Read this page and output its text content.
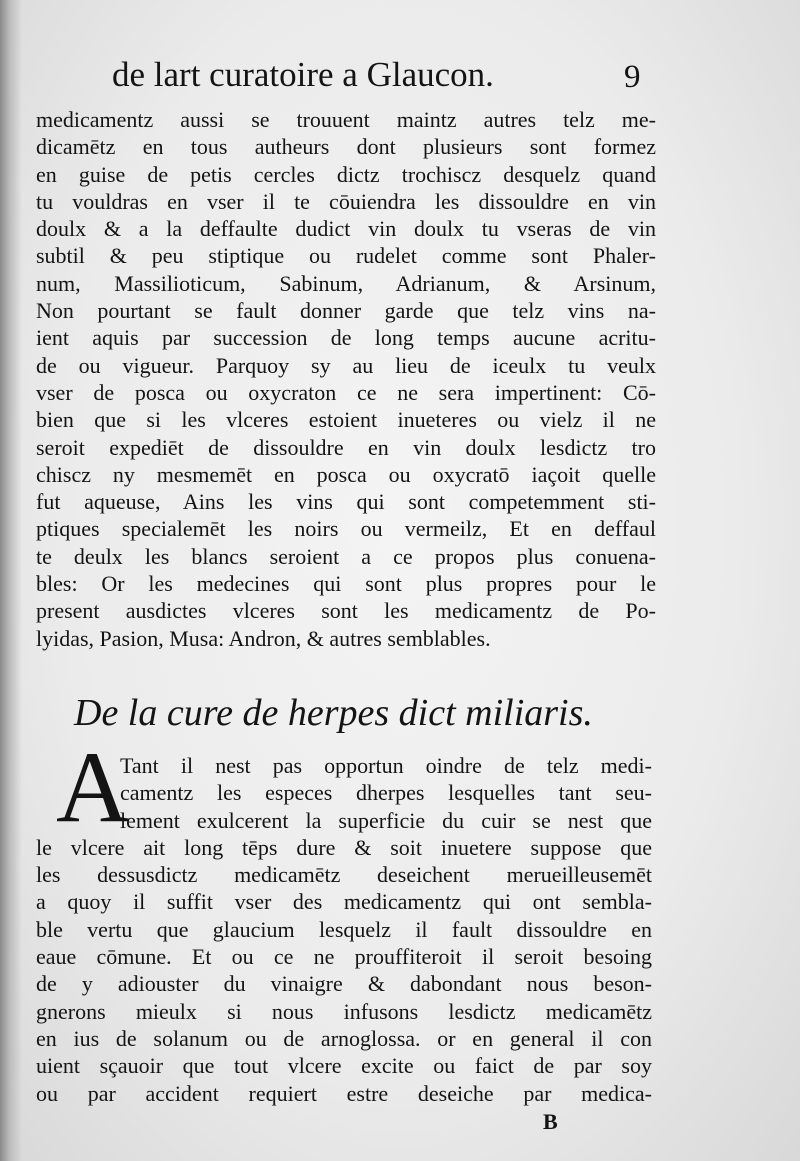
de lart curatoire a Glaucon.	9
medicamentz aussi se trouuent maintz autres telz me-
dicamētz en tous autheurs dont plusieurs sont formez
en guise de petis cercles dictz trochiscz desquelz quand
tu vouldras en vser il te cōuiendra les dissouldre en vin
doulx & a la deffaulte dudict vin doulx tu vseras de vin
subtil & peu stiptique ou rudelet comme sont Phaler-
num, Massilioticum, Sabinum, Adrianum, & Arsinum,
Non pourtant se fault donner garde que telz vins na-
ient aquis par succession de long temps aucune acritu-
de ou vigueur. Parquoy sy au lieu de iceulx tu veulx
vser de posca ou oxycraton ce ne sera impertinent: Cō-
bien que si les vlceres estoient inueteres ou vielz il ne
seroit expediēt de dissouldre en vin doulx lesdictz tro
chiscz ny mesmemēt en posca ou oxycratō iaçoit quelle
fut aqueuse, Ains les vins qui sont competemment sti-
ptiques specialemēt les noirs ou vermeilz, Et en deffaul
te deulx les blancs seroient a ce propos plus conuena-
bles: Or les medecines qui sont plus propres pour le
present ausdictes vlceres sont les medicamentz de Po-
lyidas, Pasion, Musa: Andron, & autres semblables.
De la cure de herpes dict miliaris.
A
Tant il nest pas opportun oindre de telz medi-
camentz les especes dherpes lesquelles tant seu-
lement exulcerent la superficie du cuir se nest que
le vlcere ait long tēps dure & soit inuetere suppose que
les dessusdictz medicamētz deseichent merueilleusemēt
a quoy il suffit vser des medicamentz qui ont sembla-
ble vertu que glaucium lesquelz il fault dissouldre en
eaue cōmune. Et ou ce ne prouffiteroit il seroit besoing
de y adiouster du vinaigre & dabondant nous beson-
gnerons mieulx si nous infusons lesdictz medicamētz
en ius de solanum ou de arnoglossa. or en general il con
uient sçauoir que tout vlcere excite ou faict de par soy
ou par accident requiert estre deseiche par medica-
B
